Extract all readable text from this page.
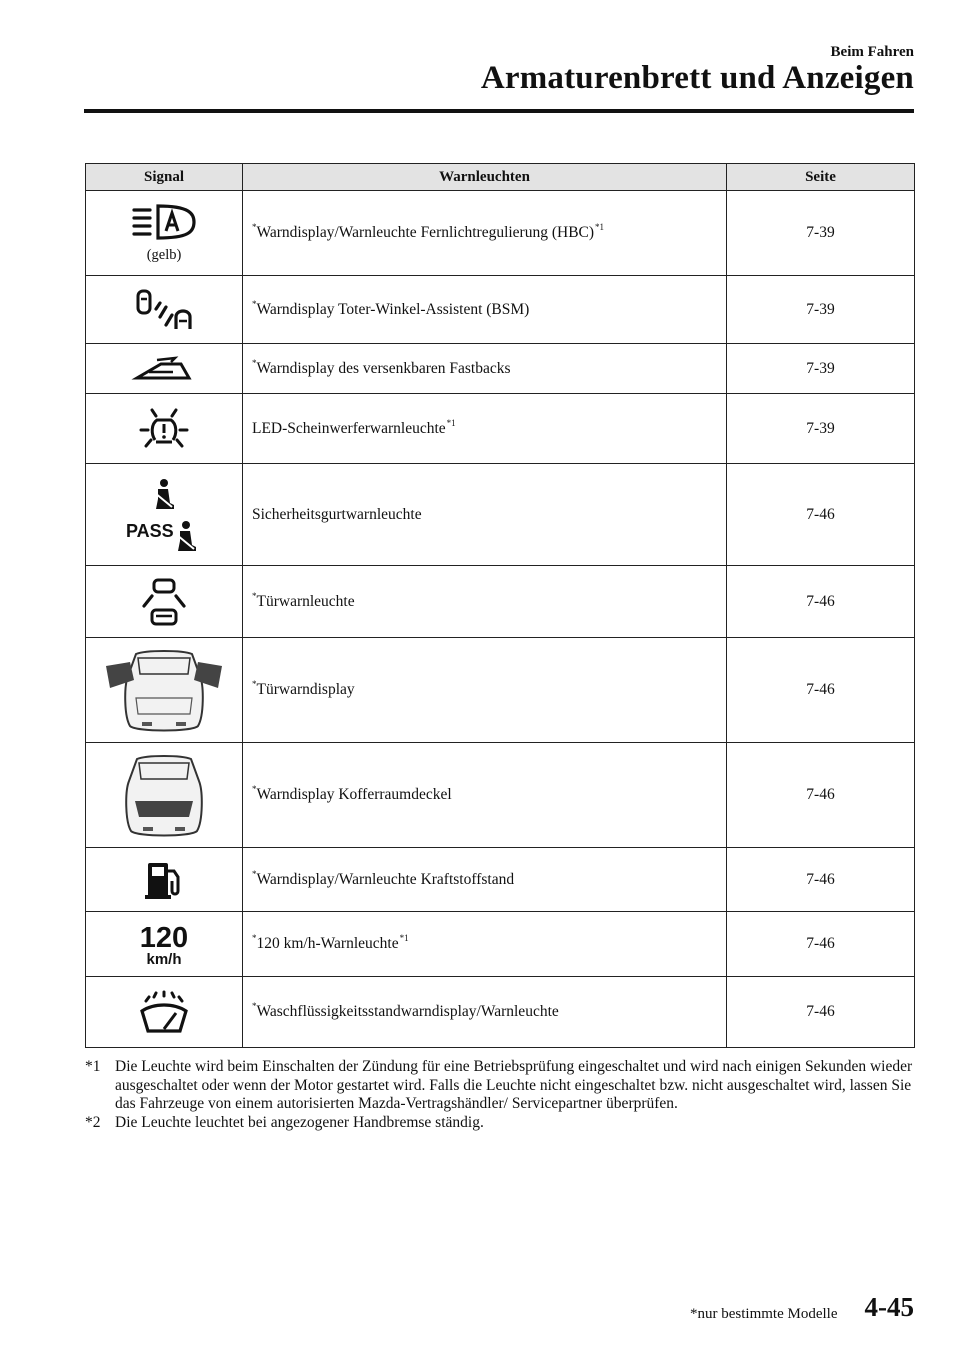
Beim Fahren
Armaturenbrett und Anzeigen
Signal	Warnleuchten	Seite

(gelb)	*Warndisplay/Warnleuchte Fernlichtregulierung (HBC)$^{*1}$	7-39

	*Warndisplay Toter-Winkel-Assistent (BSM)	7-39

	*Warndisplay des versenkbaren Fastbacks	7-39

	LED-Scheinwerferwarnleuchte$^{*1}$	7-39

PASS	Sicherheitsgurtwarnleuchte	7-46

	*Türwarnleuchte	7-46

	*Türwarndisplay	7-46

	*Warndisplay Kofferraumdeckel	7-46

	*Warndisplay/Warnleuchte Kraftstoffstand	7-46

120
km/h	*120 km/h-Warnleuchte$^{*1}$	7-46

	*Waschflüssigkeitsstandwarndisplay/Warnleuchte	7-46
*1 Die Leuchte wird beim Einschalten der Zündung für eine Betriebsprüfung eingeschaltet und wird nach einigen Sekunden wieder ausgeschaltet oder wenn der Motor gestartet wird. Falls die Leuchte nicht eingeschaltet bzw. nicht ausgeschaltet wird, lassen Sie das Fahrzeuge von einem autorisierten Mazda-Vertragshändler/ Servicepartner überprüfen.
*2 Die Leuchte leuchtet bei angezogener Handbremse ständig.
*nur bestimmte Modelle 4-45
